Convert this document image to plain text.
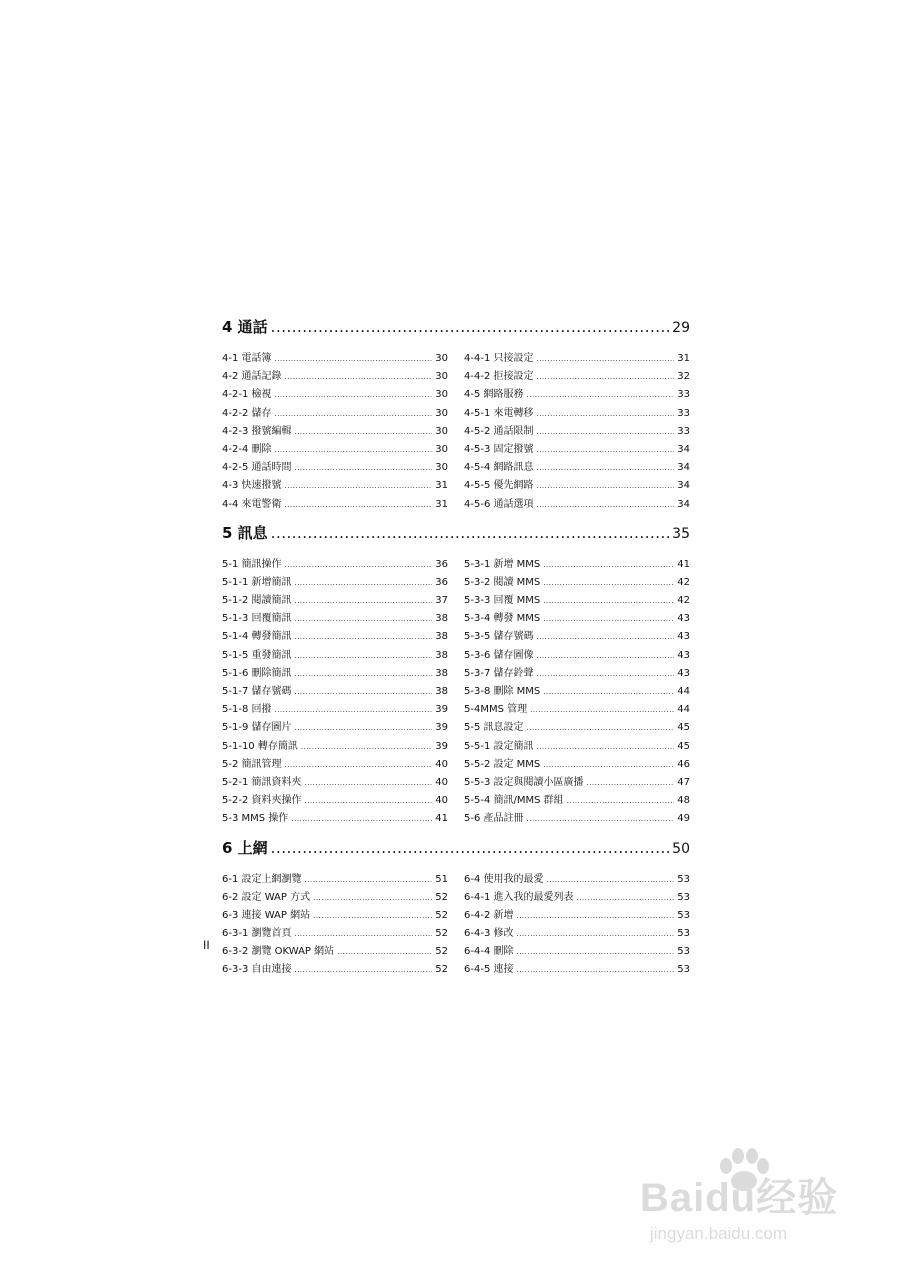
4 通話 .....	29
4-1 電話簿 .....	30 4-4-1 只接設定 .....	31
4-2 通話記錄 .....	30 4-4-2 拒接設定 .....	32
4-2-1 檢視 .....	30 4-5 網路服務 .....	33
4-2-2 儲存 .....	30 4-5-1 來電轉移 .....	33
4-2-3 撥號編輯 .....	30 4-5-2 通話限制 .....	33
4-2-4 刪除 .....	30 4-5-3 固定撥號 .....	34
4-2-5 通話時間 .....	30 4-5-4 網路訊息 .....	34
4-3 快速撥號 .....	31 4-5-5 優先網路 .....	34
4-4 來電警衛 .....	31 4-5-6 通話選項 .....	34
5 訊息 .....	35
5-1 簡訊操作 .....	36 5-3-1 新增 MMS .....	41
5-1-1 新增簡訊 .....	36 5-3-2 閱讀 MMS .....	42
5-1-2 閱讀簡訊 .....	37 5-3-3 回覆 MMS .....	42
5-1-3 回覆簡訊 .....	38 5-3-4 轉發 MMS .....	43
5-1-4 轉發簡訊 .....	38 5-3-5 儲存號碼 .....	43
5-1-5 重發簡訊 .....	38 5-3-6 儲存圖像 .....	43
5-1-6 刪除簡訊 .....	38 5-3-7 儲存鈴聲 .....	43
5-1-7 儲存號碼 .....	38 5-3-8 刪除 MMS .....	44
5-1-8 回撥 .....	39 5-4MMS 管理 .....	44
5-1-9 儲存圖片 .....	39 5-5 訊息設定 .....	45
5-1-10 轉存簡訊 .....	39 5-5-1 設定簡訊 .....	45
5-2 簡訊管理 .....	40 5-5-2 設定 MMS .....	46
5-2-1 簡訊資料夾 .....	40 5-5-3 設定與閱讀小區廣播 .....	47
5-2-2 資料夾操作 .....	40 5-5-4 簡訊/MMS 群組 .....	48
5-3 MMS 操作 .....	41 5-6 產品註冊 .....	49
6 上網 .....	50
6-1 設定上網瀏覽 .....	51 6-4 使用我的最愛 .....	53
6-2 設定 WAP 方式 .....	52 6-4-1 進入我的最愛列表 .....	53
6-3 連接 WAP 網站 .....	52 6-4-2 新增 .....	53
6-3-1 瀏覽首頁 .....	52 6-4-3 修改 .....	53
6-3-2 瀏覽 OKWAP 網站 .....	52 6-4-4 刪除 .....	53
6-3-3 自由連接 .....	52 6-4-5 連接 .....	53
II
Baidu经验
jingyan.baidu.com
